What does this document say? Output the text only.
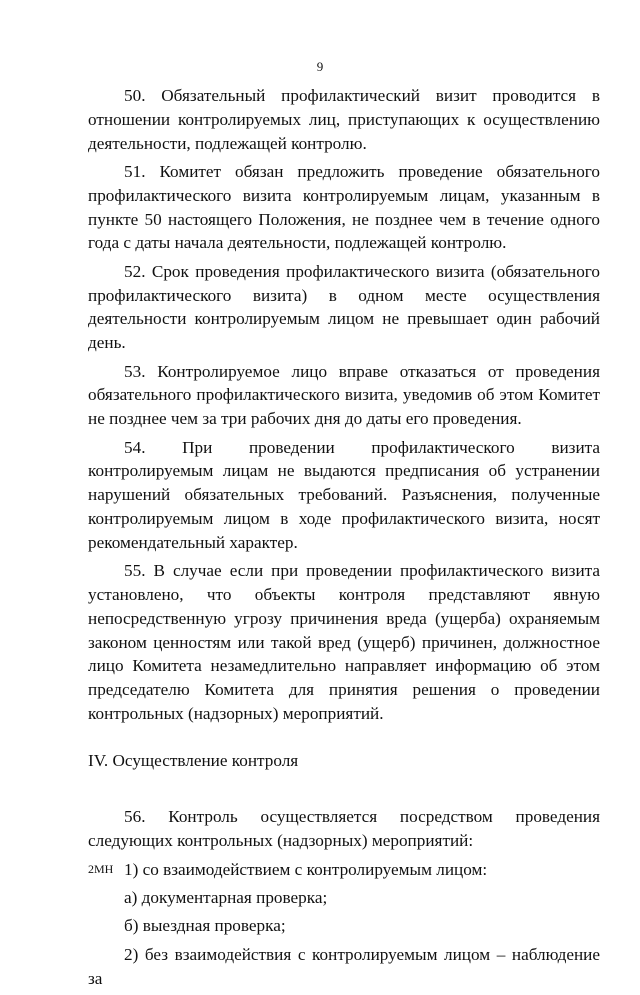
9

50. Обязательный профилактический визит проводится в отношении контролируемых лиц, приступающих к осуществлению деятельности, подлежащей контролю.

51. Комитет обязан предложить проведение обязательного профилактического визита контролируемым лицам, указанным в пункте 50 настоящего Положения, не позднее чем в течение одного года с даты начала деятельности, подлежащей контролю.

52. Срок проведения профилактического визита (обязательного профилактического визита) в одном месте осуществления деятельности контролируемым лицом не превышает один рабочий день.

53. Контролируемое лицо вправе отказаться от проведения обязательного профилактического визита, уведомив об этом Комитет не позднее чем за три рабочих дня до даты его проведения.

54. При проведении профилактического визита контролируемым лицам не выдаются предписания об устранении нарушений обязательных требований. Разъяснения, полученные контролируемым лицом в ходе профилактического визита, носят рекомендательный характер.

55. В случае если при проведении профилактического визита установлено, что объекты контроля представляют явную непосредственную угрозу причинения вреда (ущерба) охраняемым законом ценностям или такой вред (ущерб) причинен, должностное лицо Комитета незамедлительно направляет информацию об этом председателю Комитета для принятия решения о проведении контрольных (надзорных) мероприятий.

IV. Осуществление контроля

56. Контроль осуществляется посредством проведения следующих контрольных (надзорных) мероприятий:

1) со взаимодействием с контролируемым лицом:

а) документарная проверка;

б) выездная проверка;

2) без взаимодействия с контролируемым лицом – наблюдение за

2МН
